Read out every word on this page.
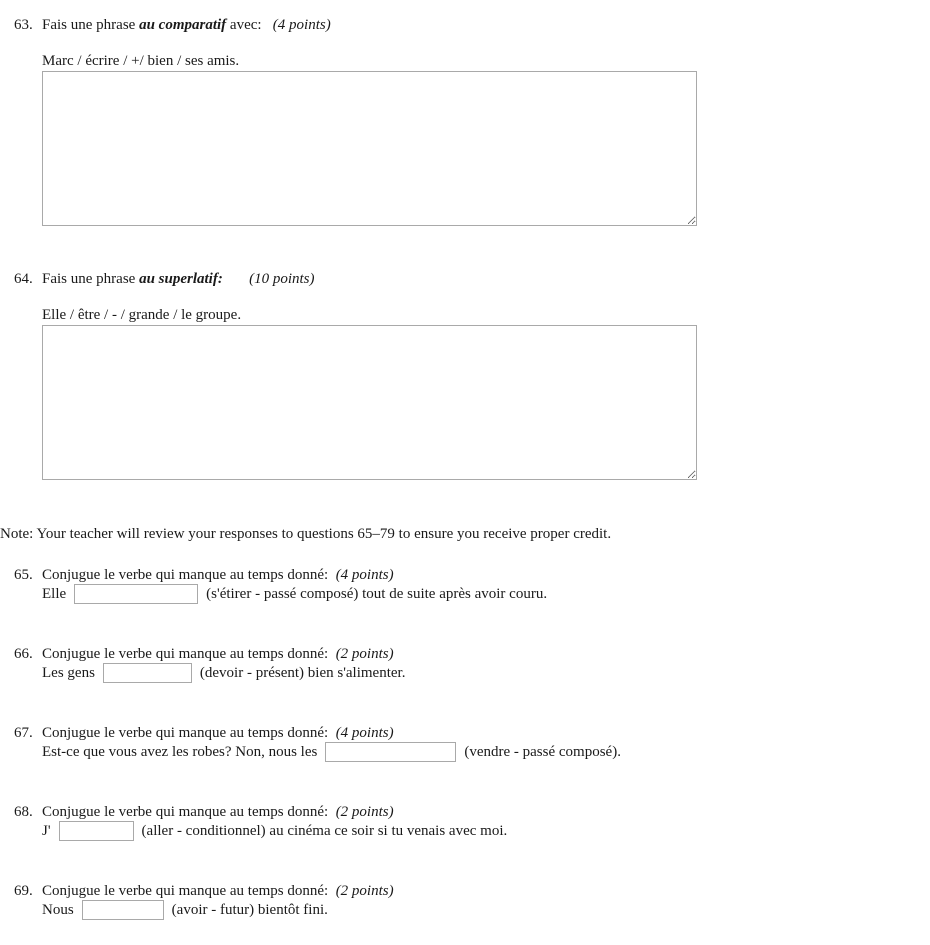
63. Fais une phrase au comparatif avec: (4 points)
Marc / écrire / +/ bien / ses amis.
64. Fais une phrase au superlatif: (10 points)
Elle / être / - / grande / le groupe.
Note: Your teacher will review your responses to questions 65–79 to ensure you receive proper credit.
65. Conjugue le verbe qui manque au temps donné: (4 points)
Elle	(s'étirer - passé composé) tout de suite après avoir couru.
66. Conjugue le verbe qui manque au temps donné: (2 points)
Les gens	(devoir - présent) bien s'alimenter.
67. Conjugue le verbe qui manque au temps donné: (4 points)
Est-ce que vous avez les robes? Non, nous les	(vendre - passé composé).
68. Conjugue le verbe qui manque au temps donné: (2 points)
J'	(aller - conditionnel) au cinéma ce soir si tu venais avec moi.
69. Conjugue le verbe qui manque au temps donné: (2 points)
Nous	(avoir - futur) bientôt fini.
